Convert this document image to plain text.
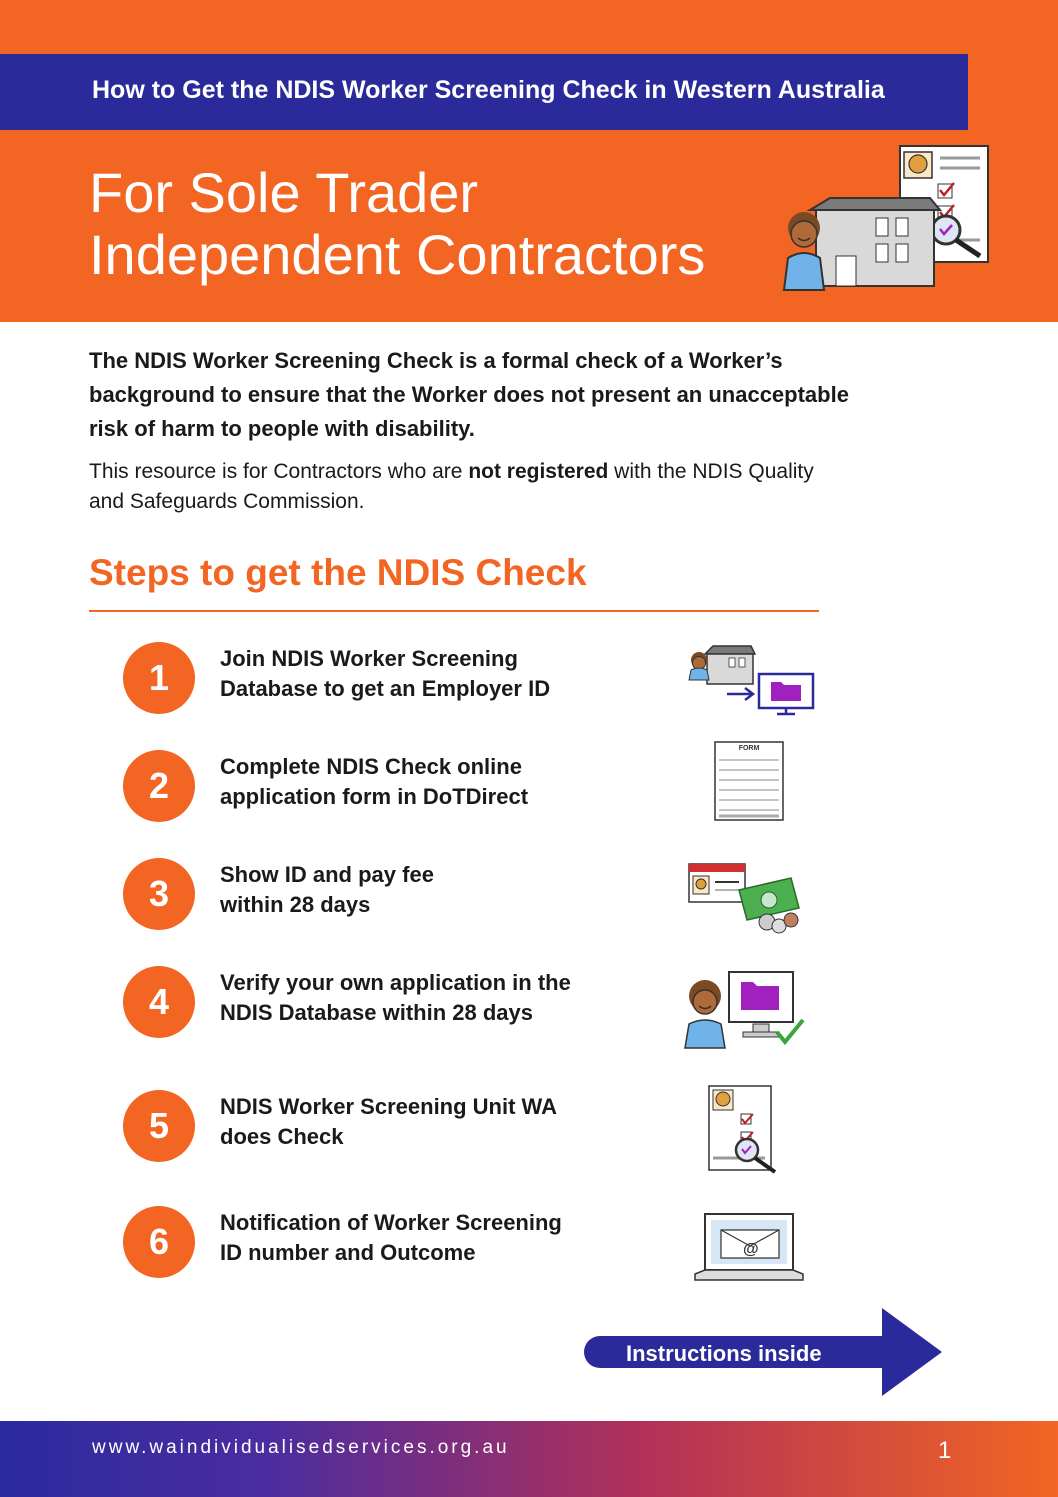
How to Get the NDIS Worker Screening Check in Western Australia
For Sole Trader
Independent Contractors

The NDIS Worker Screening Check is a formal check of a Worker’s background to ensure that the Worker does not present an unacceptable risk of harm to people with disability.

This resource is for Contractors who are not registered with the NDIS Quality and Safeguards Commission.

Steps to get the NDIS Check
1	Join NDIS Worker Screening
Database to get an Employer ID
2	Complete NDIS Check online
application form in DoTDirect
FORM
3	Show ID and pay fee
within 28 days
4	Verify your own application in the
NDIS Database within 28 days
5	NDIS Worker Screening Unit WA
does Check
6	Notification of Worker Screening
ID number and Outcome	@
Instructions inside
www.waindividualisedservices.org.au	1
